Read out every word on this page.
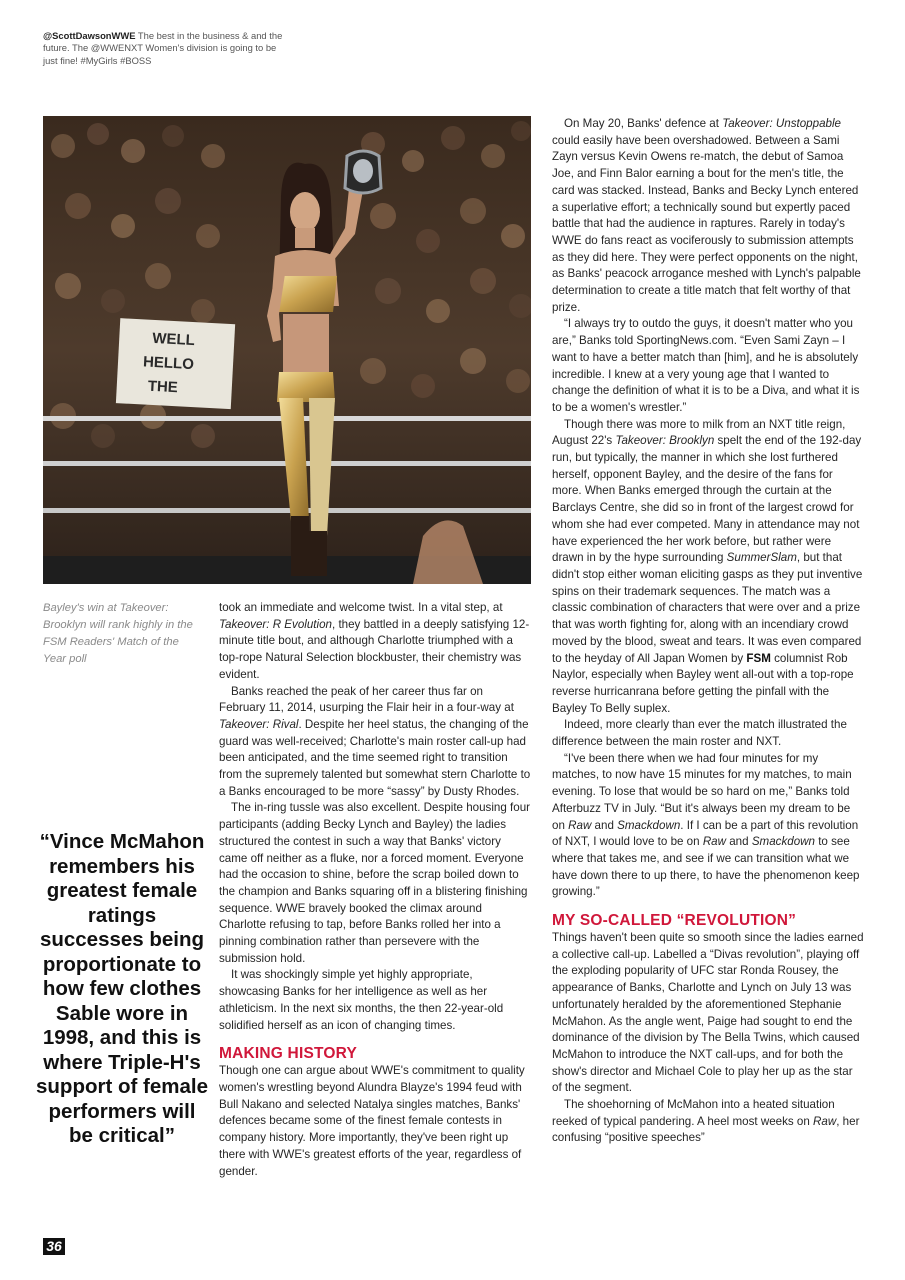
@ScottDawsonWWE The best in the business & and the future. The @WWENXT Women's division is going to be just fine! #MyGirls #BOSS
WELL
HELLO
THE
Bayley's win at Takeover: Brooklyn will rank highly in the FSM Readers' Match of the Year poll
“Vince McMahon remembers his greatest female ratings successes being proportionate to how few clothes Sable wore in 1998, and this is where Triple-H's support of female performers will be critical”

took an immediate and welcome twist. In a vital step, at Takeover: R Evolution, they battled in a deeply satisfying 12-minute title bout, and although Charlotte triumphed with a top-rope Natural Selection blockbuster, their chemistry was evident.

Banks reached the peak of her career thus far on February 11, 2014, usurping the Flair heir in a four-way at Takeover: Rival. Despite her heel status, the changing of the guard was well-received; Charlotte's main roster call-up had been anticipated, and the time seemed right to transition from the supremely talented but somewhat stern Charlotte to a Banks encouraged to be more “sassy” by Dusty Rhodes.

The in-ring tussle was also excellent. Despite housing four participants (adding Becky Lynch and Bayley) the ladies structured the contest in such a way that Banks' victory came off neither as a fluke, nor a forced moment. Everyone had the occasion to shine, before the scrap boiled down to the champion and Banks squaring off in a blistering finishing sequence. WWE bravely booked the climax around Charlotte refusing to tap, before Banks rolled her into a pinning combination rather than persevere with the submission hold.

It was shockingly simple yet highly appropriate, showcasing Banks for her intelligence as well as her athleticism. In the next six months, the then 22-year-old solidified herself as an icon of changing times.

MAKING HISTORY

Though one can argue about WWE's commitment to quality women's wrestling beyond Alundra Blayze's 1994 feud with Bull Nakano and selected Natalya singles matches, Banks' defences became some of the finest female contests in company history. More importantly, they've been right up there with WWE's greatest efforts of the year, regardless of gender.

On May 20, Banks' defence at Takeover: Unstoppable could easily have been overshadowed. Between a Sami Zayn versus Kevin Owens re-match, the debut of Samoa Joe, and Finn Balor earning a bout for the men's title, the card was stacked. Instead, Banks and Becky Lynch entered a superlative effort; a technically sound but expertly paced battle that had the audience in raptures. Rarely in today's WWE do fans react as vociferously to submission attempts as they did here. They were perfect opponents on the night, as Banks' peacock arrogance meshed with Lynch's palpable determination to create a title match that felt worthy of that prize.

“I always try to outdo the guys, it doesn't matter who you are,” Banks told SportingNews.com. “Even Sami Zayn – I want to have a better match than [him], and he is absolutely incredible. I knew at a very young age that I wanted to change the definition of what it is to be a Diva, and what it is to be a women's wrestler.”

Though there was more to milk from an NXT title reign, August 22's Takeover: Brooklyn spelt the end of the 192-day run, but typically, the manner in which she lost furthered herself, opponent Bayley, and the desire of the fans for more. When Banks emerged through the curtain at the Barclays Centre, she did so in front of the largest crowd for whom she had ever competed. Many in attendance may not have experienced the her work before, but rather were drawn in by the hype surrounding SummerSlam, but that didn't stop either woman eliciting gasps as they put inventive spins on their trademark sequences. The match was a classic combination of characters that were over and a prize that was worth fighting for, along with an incendiary crowd moved by the blood, sweat and tears. It was even compared to the heyday of All Japan Women by FSM columnist Rob Naylor, especially when Bayley went all-out with a top-rope reverse hurricanrana before getting the pinfall with the Bayley To Belly suplex.

Indeed, more clearly than ever the match illustrated the difference between the main roster and NXT.

“I've been there when we had four minutes for my matches, to now have 15 minutes for my matches, to main evening. To lose that would be so hard on me,” Banks told Afterbuzz TV in July. “But it's always been my dream to be on Raw and Smackdown. If I can be a part of this revolution of NXT, I would love to be on Raw and Smackdown to see where that takes me, and see if we can transition what we have down there to up there, to have the phenomenon keep growing.”

MY SO-CALLED “REVOLUTION”

Things haven't been quite so smooth since the ladies earned a collective call-up. Labelled a “Divas revolution”, playing off the exploding popularity of UFC star Ronda Rousey, the appearance of Banks, Charlotte and Lynch on July 13 was unfortunately heralded by the aforementioned Stephanie McMahon. As the angle went, Paige had sought to end the dominance of the division by The Bella Twins, which caused McMahon to introduce the NXT call-ups, and for both the show's director and Michael Cole to play her up as the star of the segment.

The shoehorning of McMahon into a heated situation reeked of typical pandering. A heel most weeks on Raw, her confusing “positive speeches”

36
